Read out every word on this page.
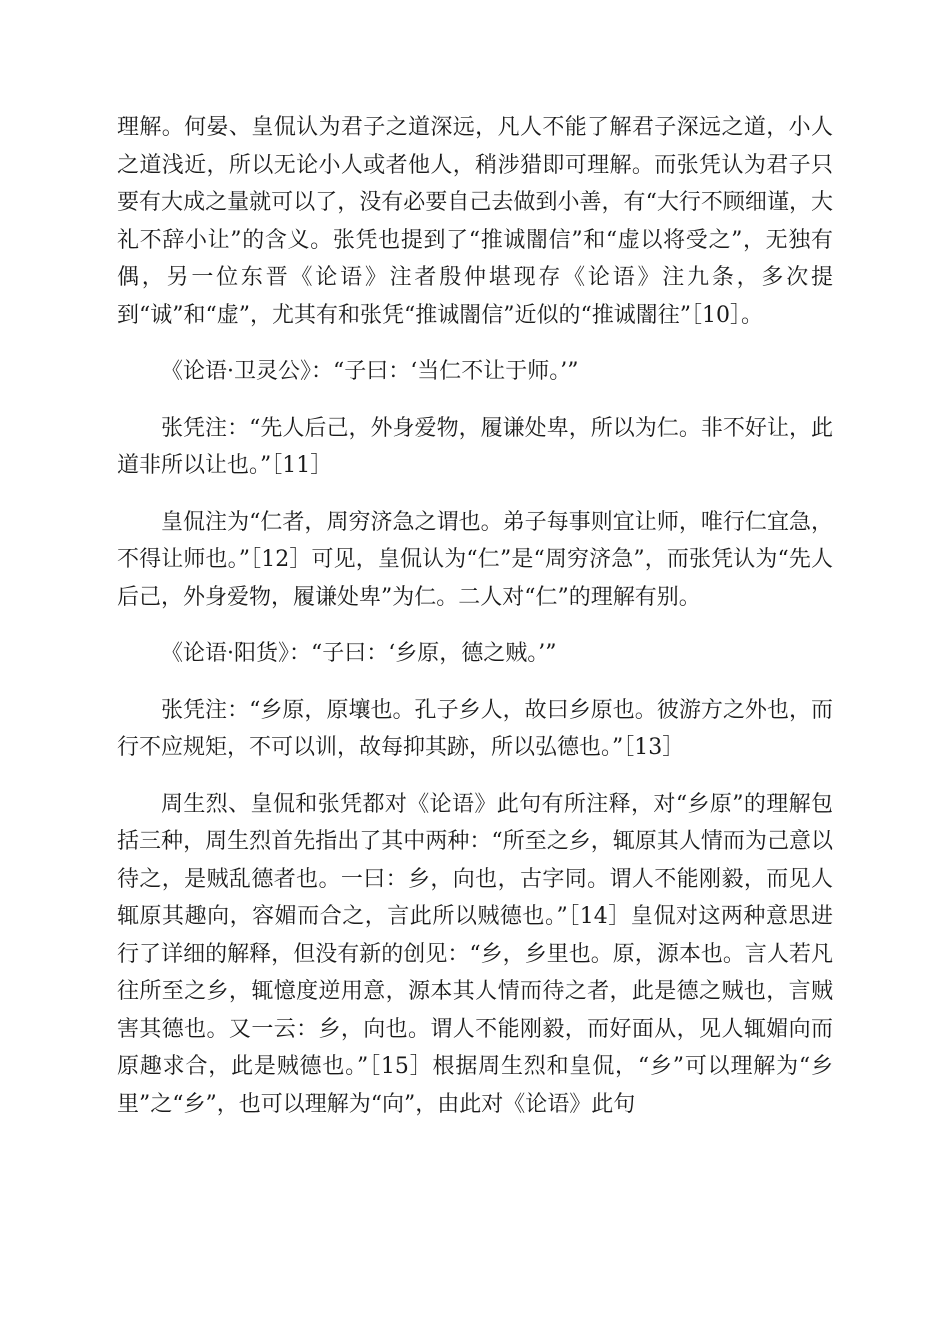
理解。何晏、皇侃认为君子之道深远，凡人不能了解君子深远之道，小人之道浅近，所以无论小人或者他人，稍涉猎即可理解。而张凭认为君子只要有大成之量就可以了，没有必要自己去做到小善，有“大行不顾细谨，大礼不辞小让”的含义。张凭也提到了“推诚闇信”和“虚以将受之”，无独有偶，另一位东晋《论语》注者殷仲堪现存《论语》注九条，多次提到“诚”和“虚”，尤其有和张凭“推诚闇信”近似的“推诚闇往”［10］。

《论语·卫灵公》：“子曰：‘当仁不让于师。’”

张凭注：“先人后己，外身爱物，履谦处卑，所以为仁。非不好让，此道非所以让也。”［11］

皇侃注为“仁者，周穷济急之谓也。弟子每事则宜让师，唯行仁宜急，不得让师也。”［12］可见，皇侃认为“仁”是“周穷济急”，而张凭认为“先人后己，外身爱物，履谦处卑”为仁。二人对“仁”的理解有别。

《论语·阳货》：“子曰：‘乡原，德之贼。’”

张凭注：“乡原，原壤也。孔子乡人，故曰乡原也。彼游方之外也，而行不应规矩，不可以训，故每抑其跡，所以弘德也。”［13］

周生烈、皇侃和张凭都对《论语》此句有所注释，对“乡原”的理解包括三种，周生烈首先指出了其中两种：“所至之乡，辄原其人情而为己意以待之，是贼乱德者也。一曰：乡，向也，古字同。谓人不能刚毅，而见人辄原其趣向，容媚而合之，言此所以贼德也。”［14］皇侃对这两种意思进行了详细的解释，但没有新的创见：“乡，乡里也。原，源本也。言人若凡往所至之乡，辄憶度逆用意，源本其人情而待之者，此是德之贼也，言贼害其德也。又一云：乡，向也。谓人不能刚毅，而好面从，见人辄媚向而原趣求合，此是贼德也。”［15］根据周生烈和皇侃，“乡”可以理解为“乡里”之“乡”，也可以理解为“向”，由此对《论语》此句
